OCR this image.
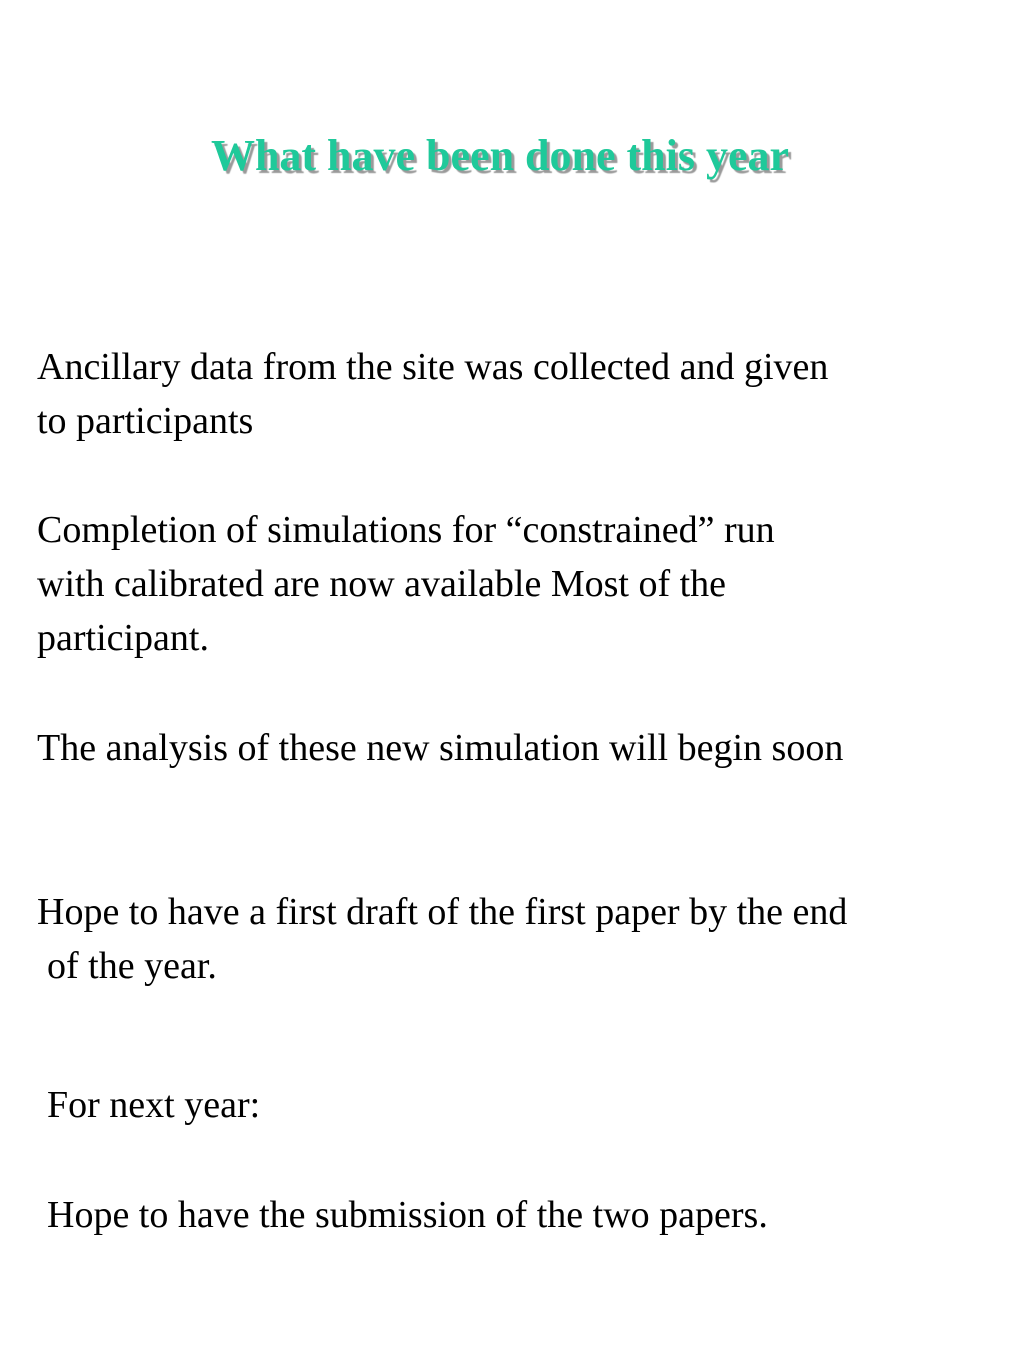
What have been done this year

Ancillary data from the site was collected and given
to participants

Completion of simulations for “constrained” run
with calibrated are now available Most of the
participant.

The analysis of these new simulation will begin soon

Hope to have a first draft of the first paper by the end
of the year.

For next year:

Hope to have the submission of the two papers.
